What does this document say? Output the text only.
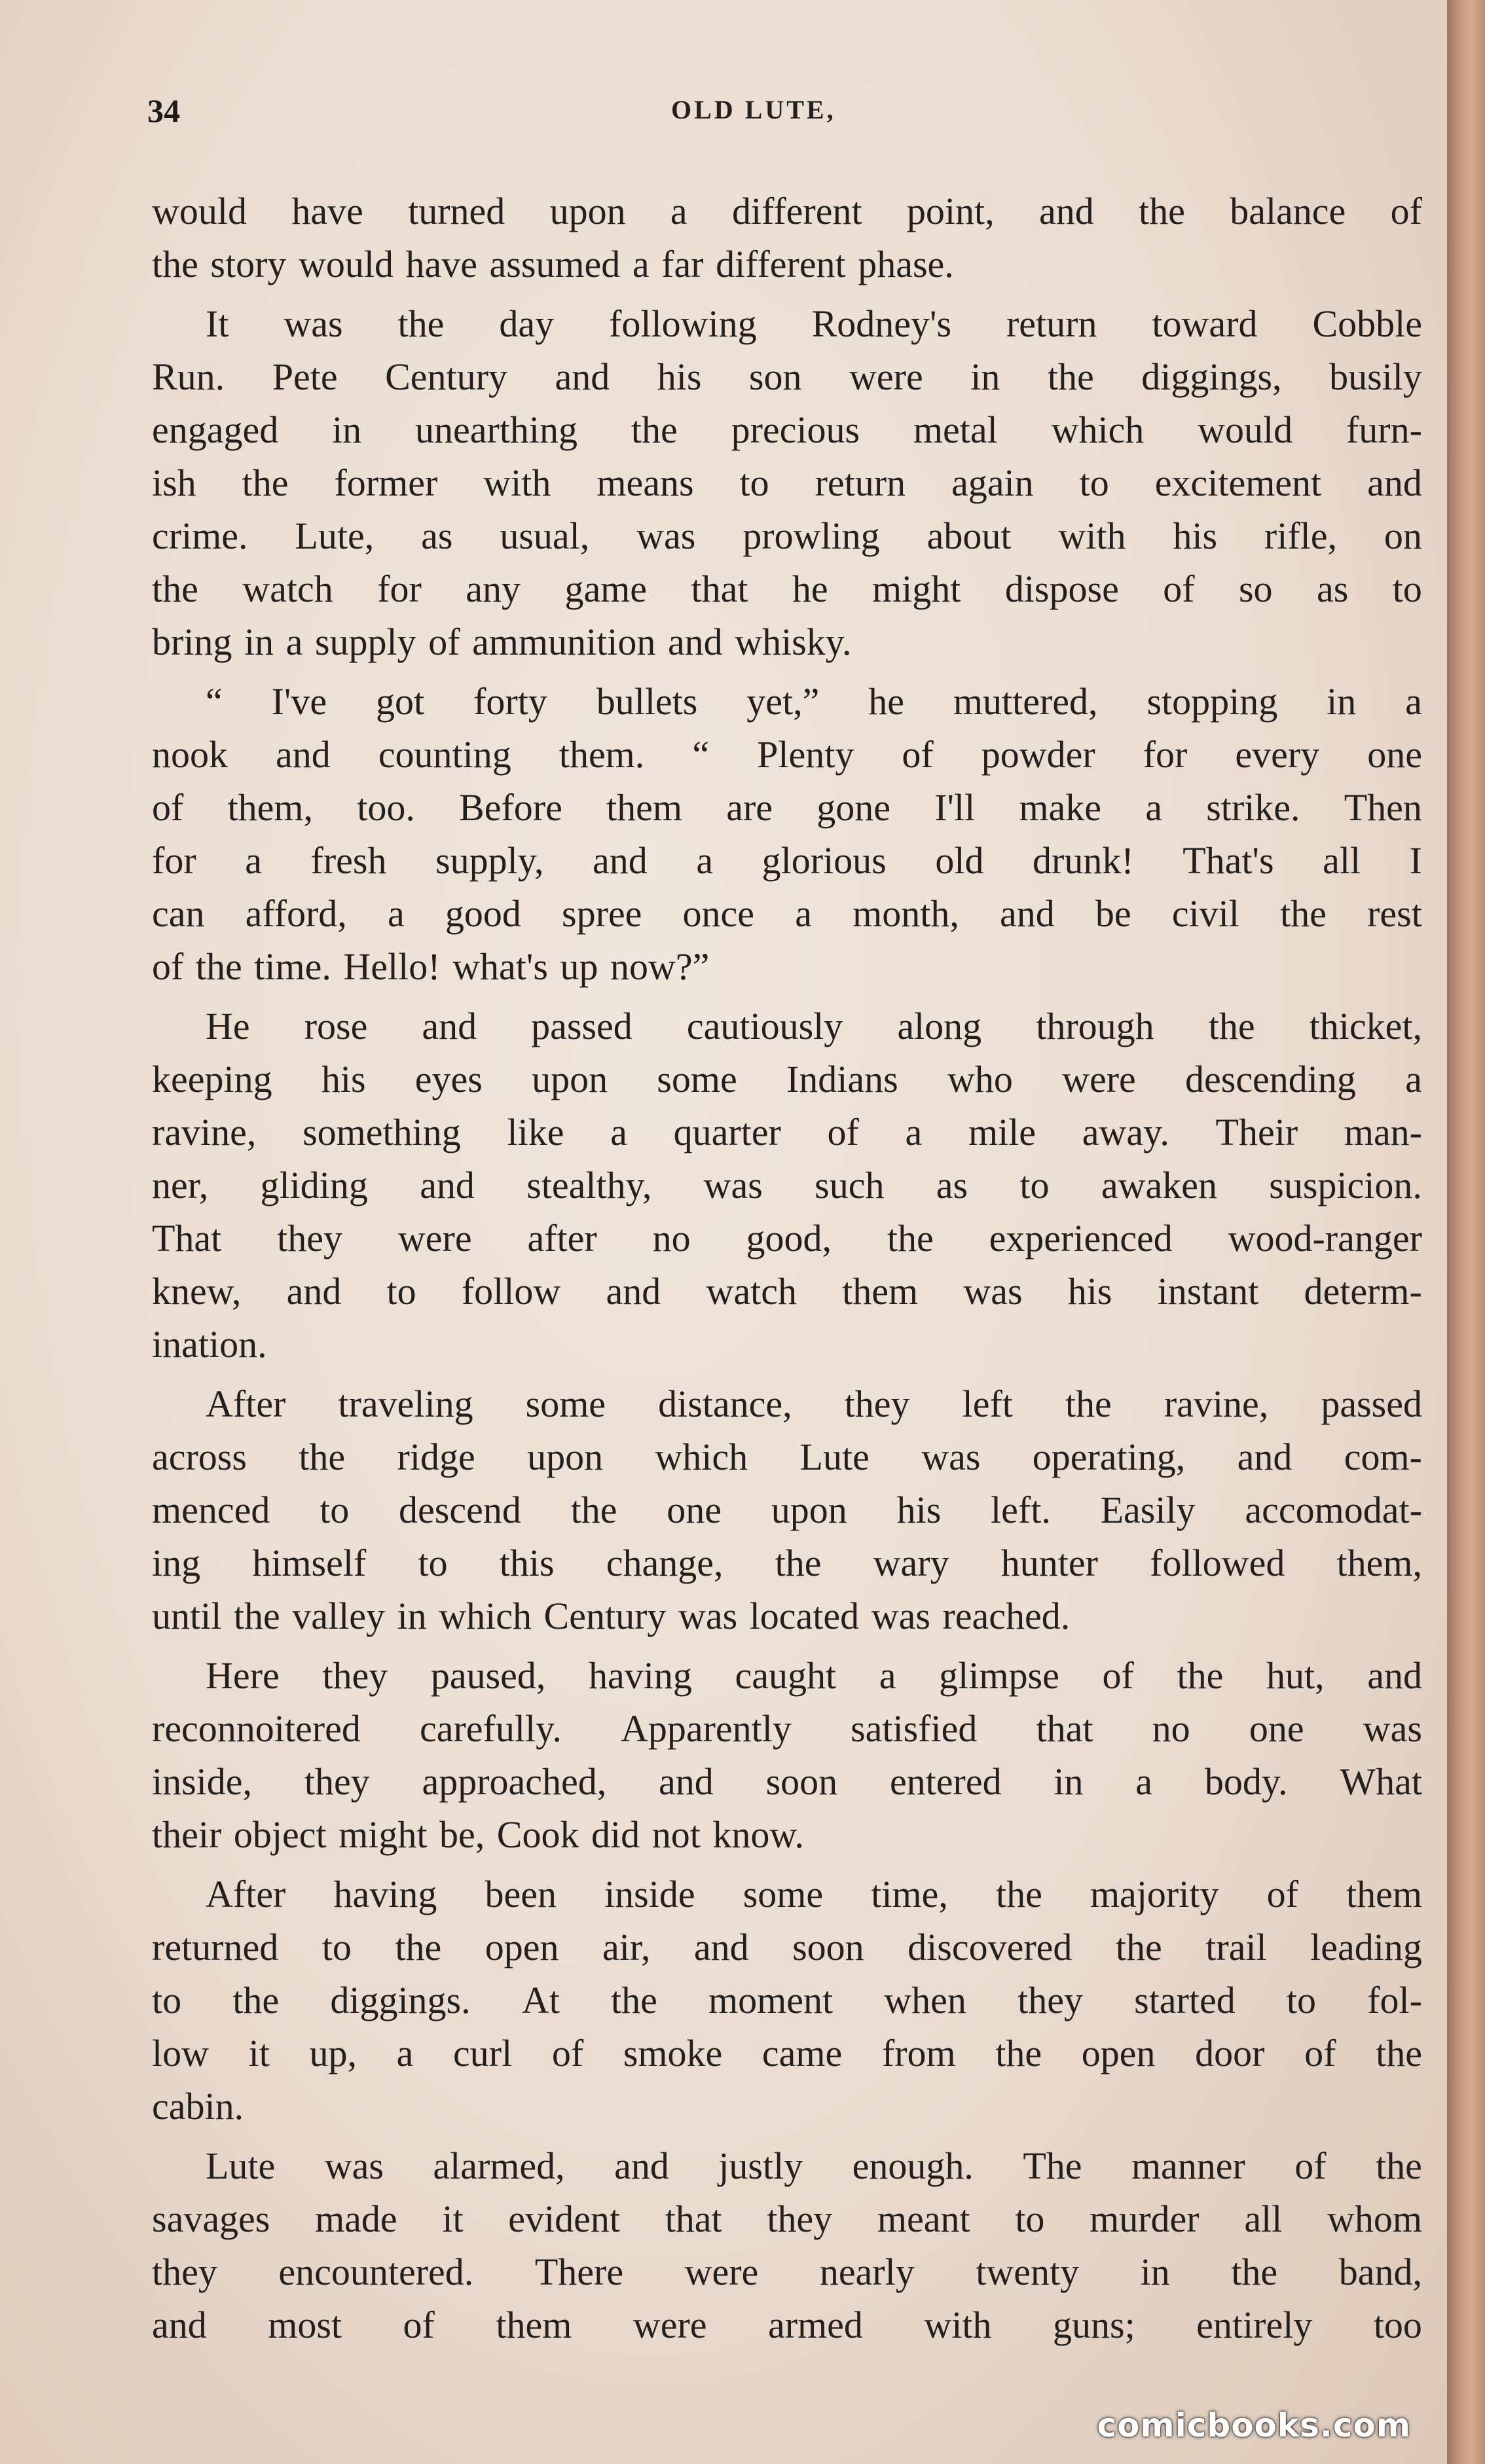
34	OLD LUTE,
would have turned upon a different point, and the balance of
the story would have assumed a far different phase.
It was the day following Rodney's return toward Cobble
Run. Pete Century and his son were in the diggings, busily
engaged in unearthing the precious metal which would furn-
ish the former with means to return again to excitement and
crime. Lute, as usual, was prowling about with his rifle, on
the watch for any game that he might dispose of so as to
bring in a supply of ammunition and whisky.
“ I've got forty bullets yet,” he muttered, stopping in a
nook and counting them. “ Plenty of powder for every one
of them, too. Before them are gone I'll make a strike. Then
for a fresh supply, and a glorious old drunk! That's all I
can afford, a good spree once a month, and be civil the rest
of the time. Hello! what's up now?”
He rose and passed cautiously along through the thicket,
keeping his eyes upon some Indians who were descending a
ravine, something like a quarter of a mile away. Their man-
ner, gliding and stealthy, was such as to awaken suspicion.
That they were after no good, the experienced wood-ranger
knew, and to follow and watch them was his instant determ-
ination.
After traveling some distance, they left the ravine, passed
across the ridge upon which Lute was operating, and com-
menced to descend the one upon his left. Easily accomodat-
ing himself to this change, the wary hunter followed them,
until the valley in which Century was located was reached.
Here they paused, having caught a glimpse of the hut, and
reconnoitered carefully. Apparently satisfied that no one was
inside, they approached, and soon entered in a body. What
their object might be, Cook did not know.
After having been inside some time, the majority of them
returned to the open air, and soon discovered the trail leading
to the diggings. At the moment when they started to fol-
low it up, a curl of smoke came from the open door of the
cabin.
Lute was alarmed, and justly enough. The manner of the
savages made it evident that they meant to murder all whom
they encountered. There were nearly twenty in the band,
and most of them were armed with guns; entirely too
comicbooks.com
